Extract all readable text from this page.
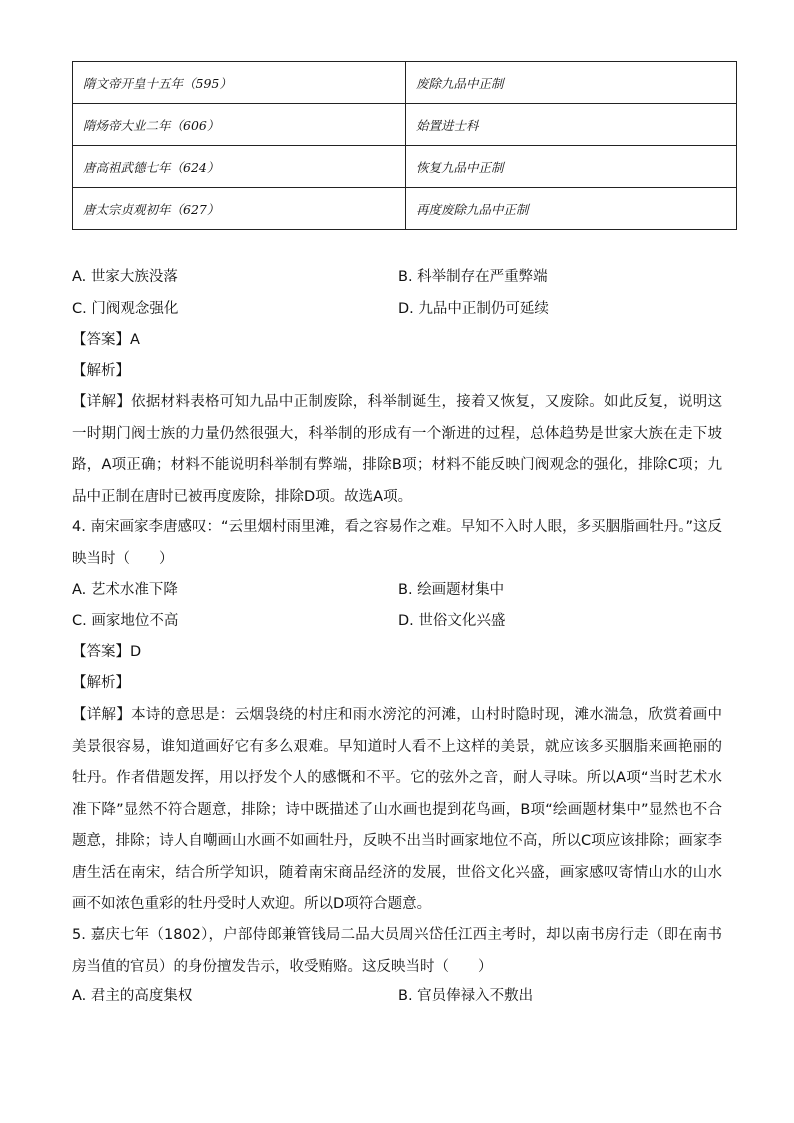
隋文帝开皇十五年（595）	废除九品中正制
隋炀帝大业二年（606）	始置进士科
唐高祖武德七年（624）	恢复九品中正制
唐太宗贞观初年（627）	再度废除九品中正制
A. 世家大族没落	B. 科举制存在严重弊端
C. 门阀观念强化	D. 九品中正制仍可延续
【答案】A
【解析】
【详解】依据材料表格可知九品中正制废除，科举制诞生，接着又恢复，又废除。如此反复，说明这一时期门阀士族的力量仍然很强大，科举制的形成有一个渐进的过程，总体趋势是世家大族在走下坡路，A项正确；材料不能说明科举制有弊端，排除B项；材料不能反映门阀观念的强化，排除C项；九品中正制在唐时已被再度废除，排除D项。故选A项。
4. 南宋画家李唐感叹：“云里烟村雨里滩，看之容易作之难。早知不入时人眼，多买胭脂画牡丹。”这反映当时（　　）
A. 艺术水准下降	B. 绘画题材集中
C. 画家地位不高	D. 世俗文化兴盛
【答案】D
【解析】
【详解】本诗的意思是：云烟袅绕的村庄和雨水滂沱的河滩，山村时隐时现，滩水湍急，欣赏着画中美景很容易，谁知道画好它有多么艰难。早知道时人看不上这样的美景，就应该多买胭脂来画艳丽的牡丹。作者借题发挥，用以抒发个人的感慨和不平。它的弦外之音，耐人寻味。所以A项“当时艺术水准下降”显然不符合题意，排除；诗中既描述了山水画也提到花鸟画，B项“绘画题材集中”显然也不合题意，排除；诗人自嘲画山水画不如画牡丹，反映不出当时画家地位不高，所以C项应该排除；画家李唐生活在南宋，结合所学知识，随着南宋商品经济的发展，世俗文化兴盛，画家感叹寄情山水的山水画不如浓色重彩的牡丹受时人欢迎。所以D项符合题意。
5. 嘉庆七年（1802），户部侍郎兼管钱局二品大员周兴岱任江西主考时，却以南书房行走（即在南书房当值的官员）的身份擅发告示，收受贿赂。这反映当时（　　）
A. 君主的高度集权	B. 官员俸禄入不敷出
